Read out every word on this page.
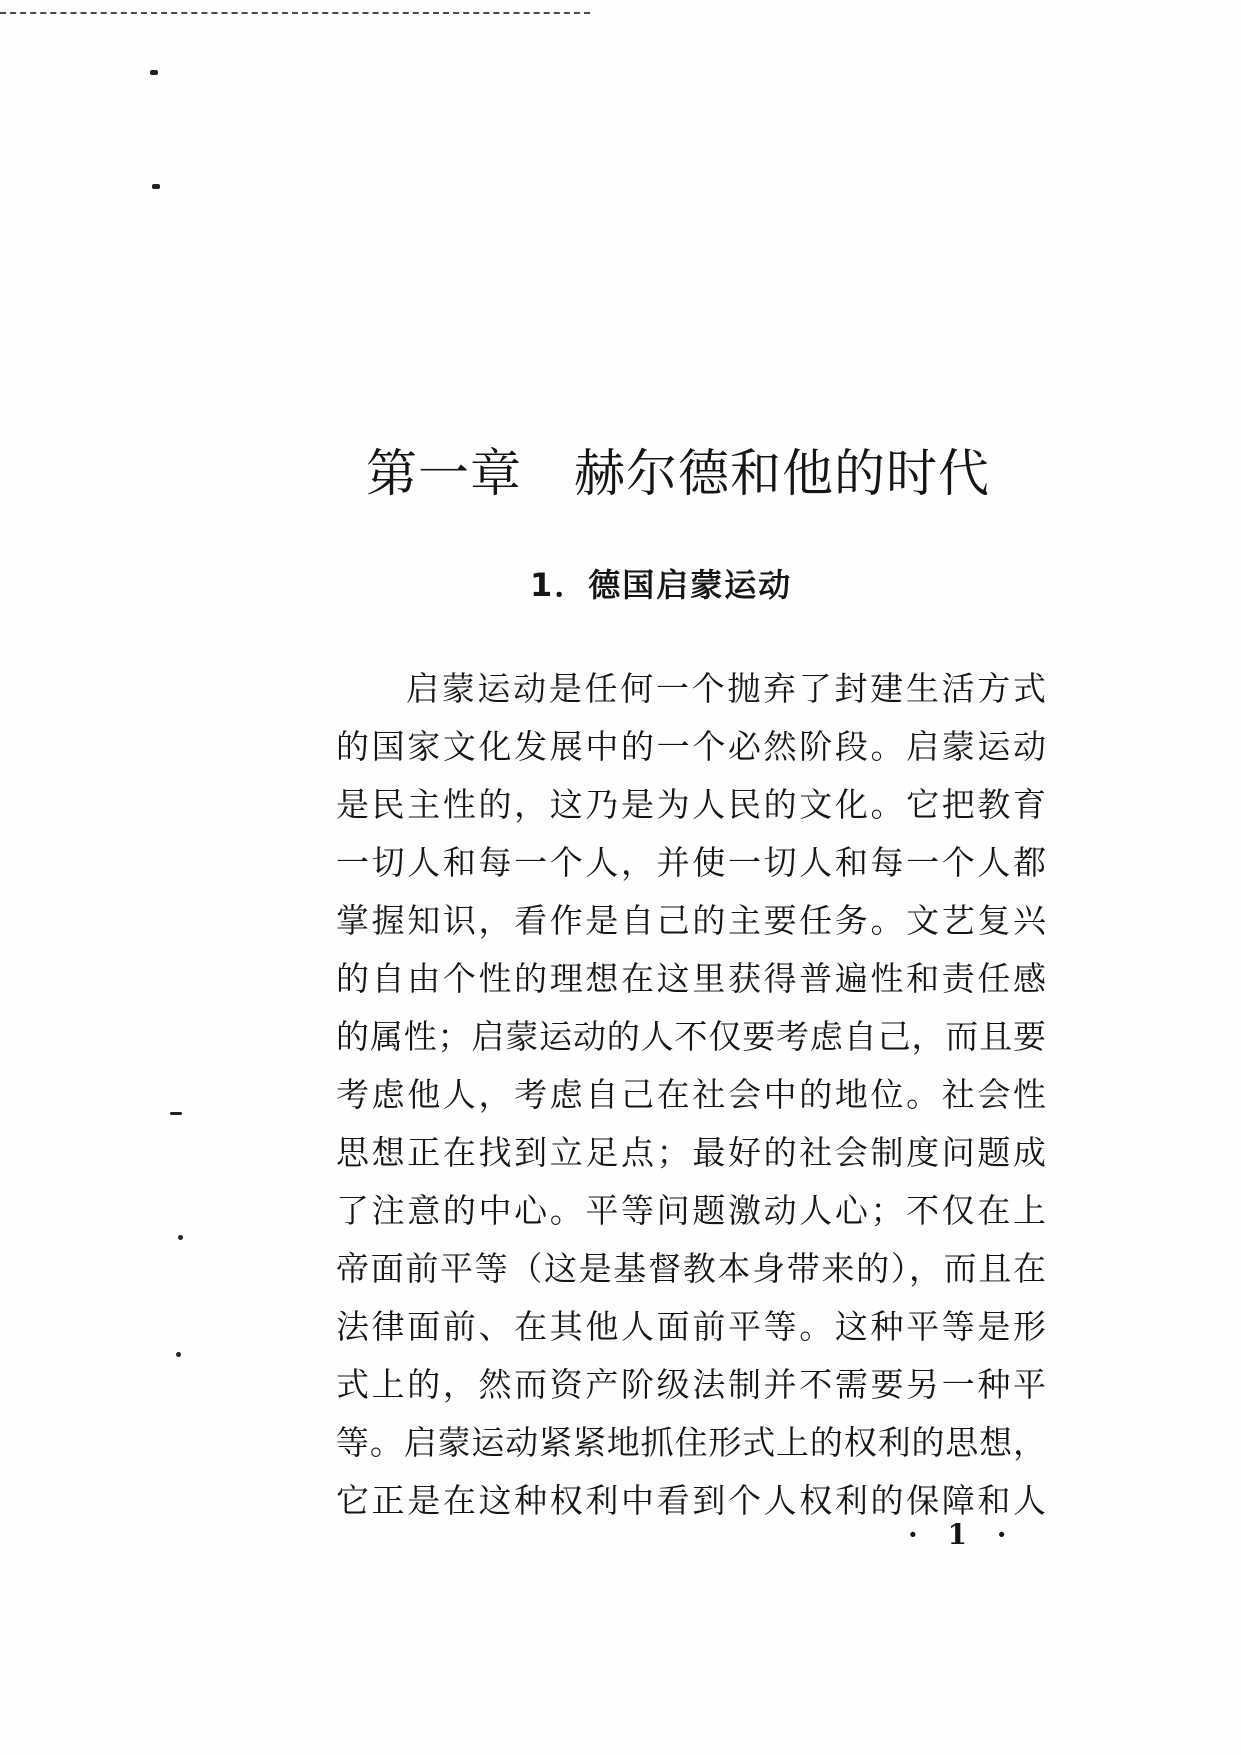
第一章　赫尔德和他的时代
1．德国启蒙运动
启蒙运动是任何一个抛弃了封建生活方式
的国家文化发展中的一个必然阶段。启蒙运动
是民主性的，这乃是为人民的文化。它把教育
一切人和每一个人，并使一切人和每一个人都
掌握知识，看作是自己的主要任务。文艺复兴
的自由个性的理想在这里获得普遍性和责任感
的属性；启蒙运动的人不仅要考虑自己，而且要
考虑他人，考虑自己在社会中的地位。社会性
思想正在找到立足点；最好的社会制度问题成
了注意的中心。平等问题激动人心；不仅在上
帝面前平等（这是基督教本身带来的），而且在
法律面前、在其他人面前平等。这种平等是形
式上的，然而资产阶级法制并不需要另一种平
等。启蒙运动紧紧地抓住形式上的权利的思想，
它正是在这种权利中看到个人权利的保障和人
· 1 ·
